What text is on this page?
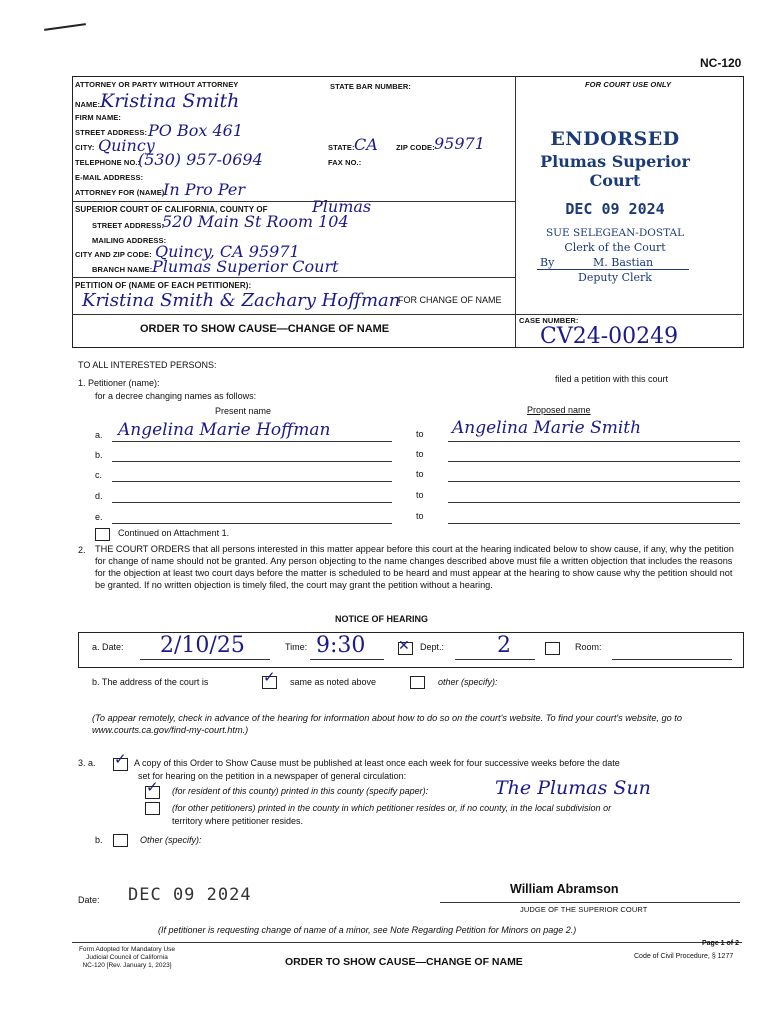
NC-120
ATTORNEY OR PARTY WITHOUT ATTORNEY	STATE BAR NUMBER:	FOR COURT USE ONLY
NAME: Kristina Smith
FIRM NAME:
STREET ADDRESS: PO Box 461
CITY: Quincy	STATE: CA ZIP CODE: 95971
TELEPHONE NO.:
(530) 957-0694	FAX NO.:
E-MAIL ADDRESS:
ATTORNEY FOR (NAME):
In Pro Per
SUPERIOR COURT OF CALIFORNIA, COUNTY OF	Plumas
STREET ADDRESS:
520 Main St Room 104
MAILING ADDRESS:
CITY AND ZIP CODE: Quincy, CA 95971
BRANCH NAME: Plumas Superior Court
PETITION OF (NAME OF EACH PETITIONER):
Kristina Smith & Zachary Hoffman
FOR CHANGE OF NAME
ORDER TO SHOW CAUSE—CHANGE OF NAME
CASE NUMBER:
CV24-00249
ENDORSED
Plumas Superior Court
DEC 09 2024
SUE SELEGEAN-DOSTAL
Clerk of the Court
By	M. Bastian
Deputy Clerk
TO ALL INTERESTED PERSONS:
1. Petitioner (name):	filed a petition with this court
for a decree changing names as follows:
Present name	Proposed name
a. Angelina Marie Hoffman	to Angelina Marie Smith
b.	to
c.	to
d.	to
e.	to
Continued on Attachment 1.
2. THE COURT ORDERS that all persons interested in this matter appear before this court at the hearing indicated below to show cause, if any, why the petition for change of name should not be granted. Any person objecting to the name changes described above must file a written objection that includes the reasons for the objection at least two court days before the matter is scheduled to be heard and must appear at the hearing to show cause why the petition should not be granted. If no written objection is timely filed, the court may grant the petition without a hearing.
NOTICE OF HEARING
a. Date: 2/10/25	Time: 9:30 ✕ Dept.: 2	Room:
b. The address of the court is	✓ same as noted above	other (specify):
(To appear remotely, check in advance of the hearing for information about how to do so on the court's website. To find your court's website, go to www.courts.ca.gov/find-my-court.htm.)
3. a. ✓ A copy of this Order to Show Cause must be published at least once each week for four successive weeks before the date
set for hearing on the petition in a newspaper of general circulation:
✓ (for resident of this county) printed in this county (specify paper):	The Plumas Sun
(for other petitioners) printed in the county in which petitioner resides or, if no county, in the local subdivision or
territory where petitioner resides.
b.	Other (specify):
Date: DEC 09 2024	William Abramson
JUDGE OF THE SUPERIOR COURT
(If petitioner is requesting change of name of a minor, see Note Regarding Petition for Minors on page 2.)
Form Adopted for Mandatory Use
Judicial Council of California
NC-120 [Rev. January 1, 2023]	ORDER TO SHOW CAUSE—CHANGE OF NAME
Page 1 of 2
Code of Civil Procedure, § 1277
